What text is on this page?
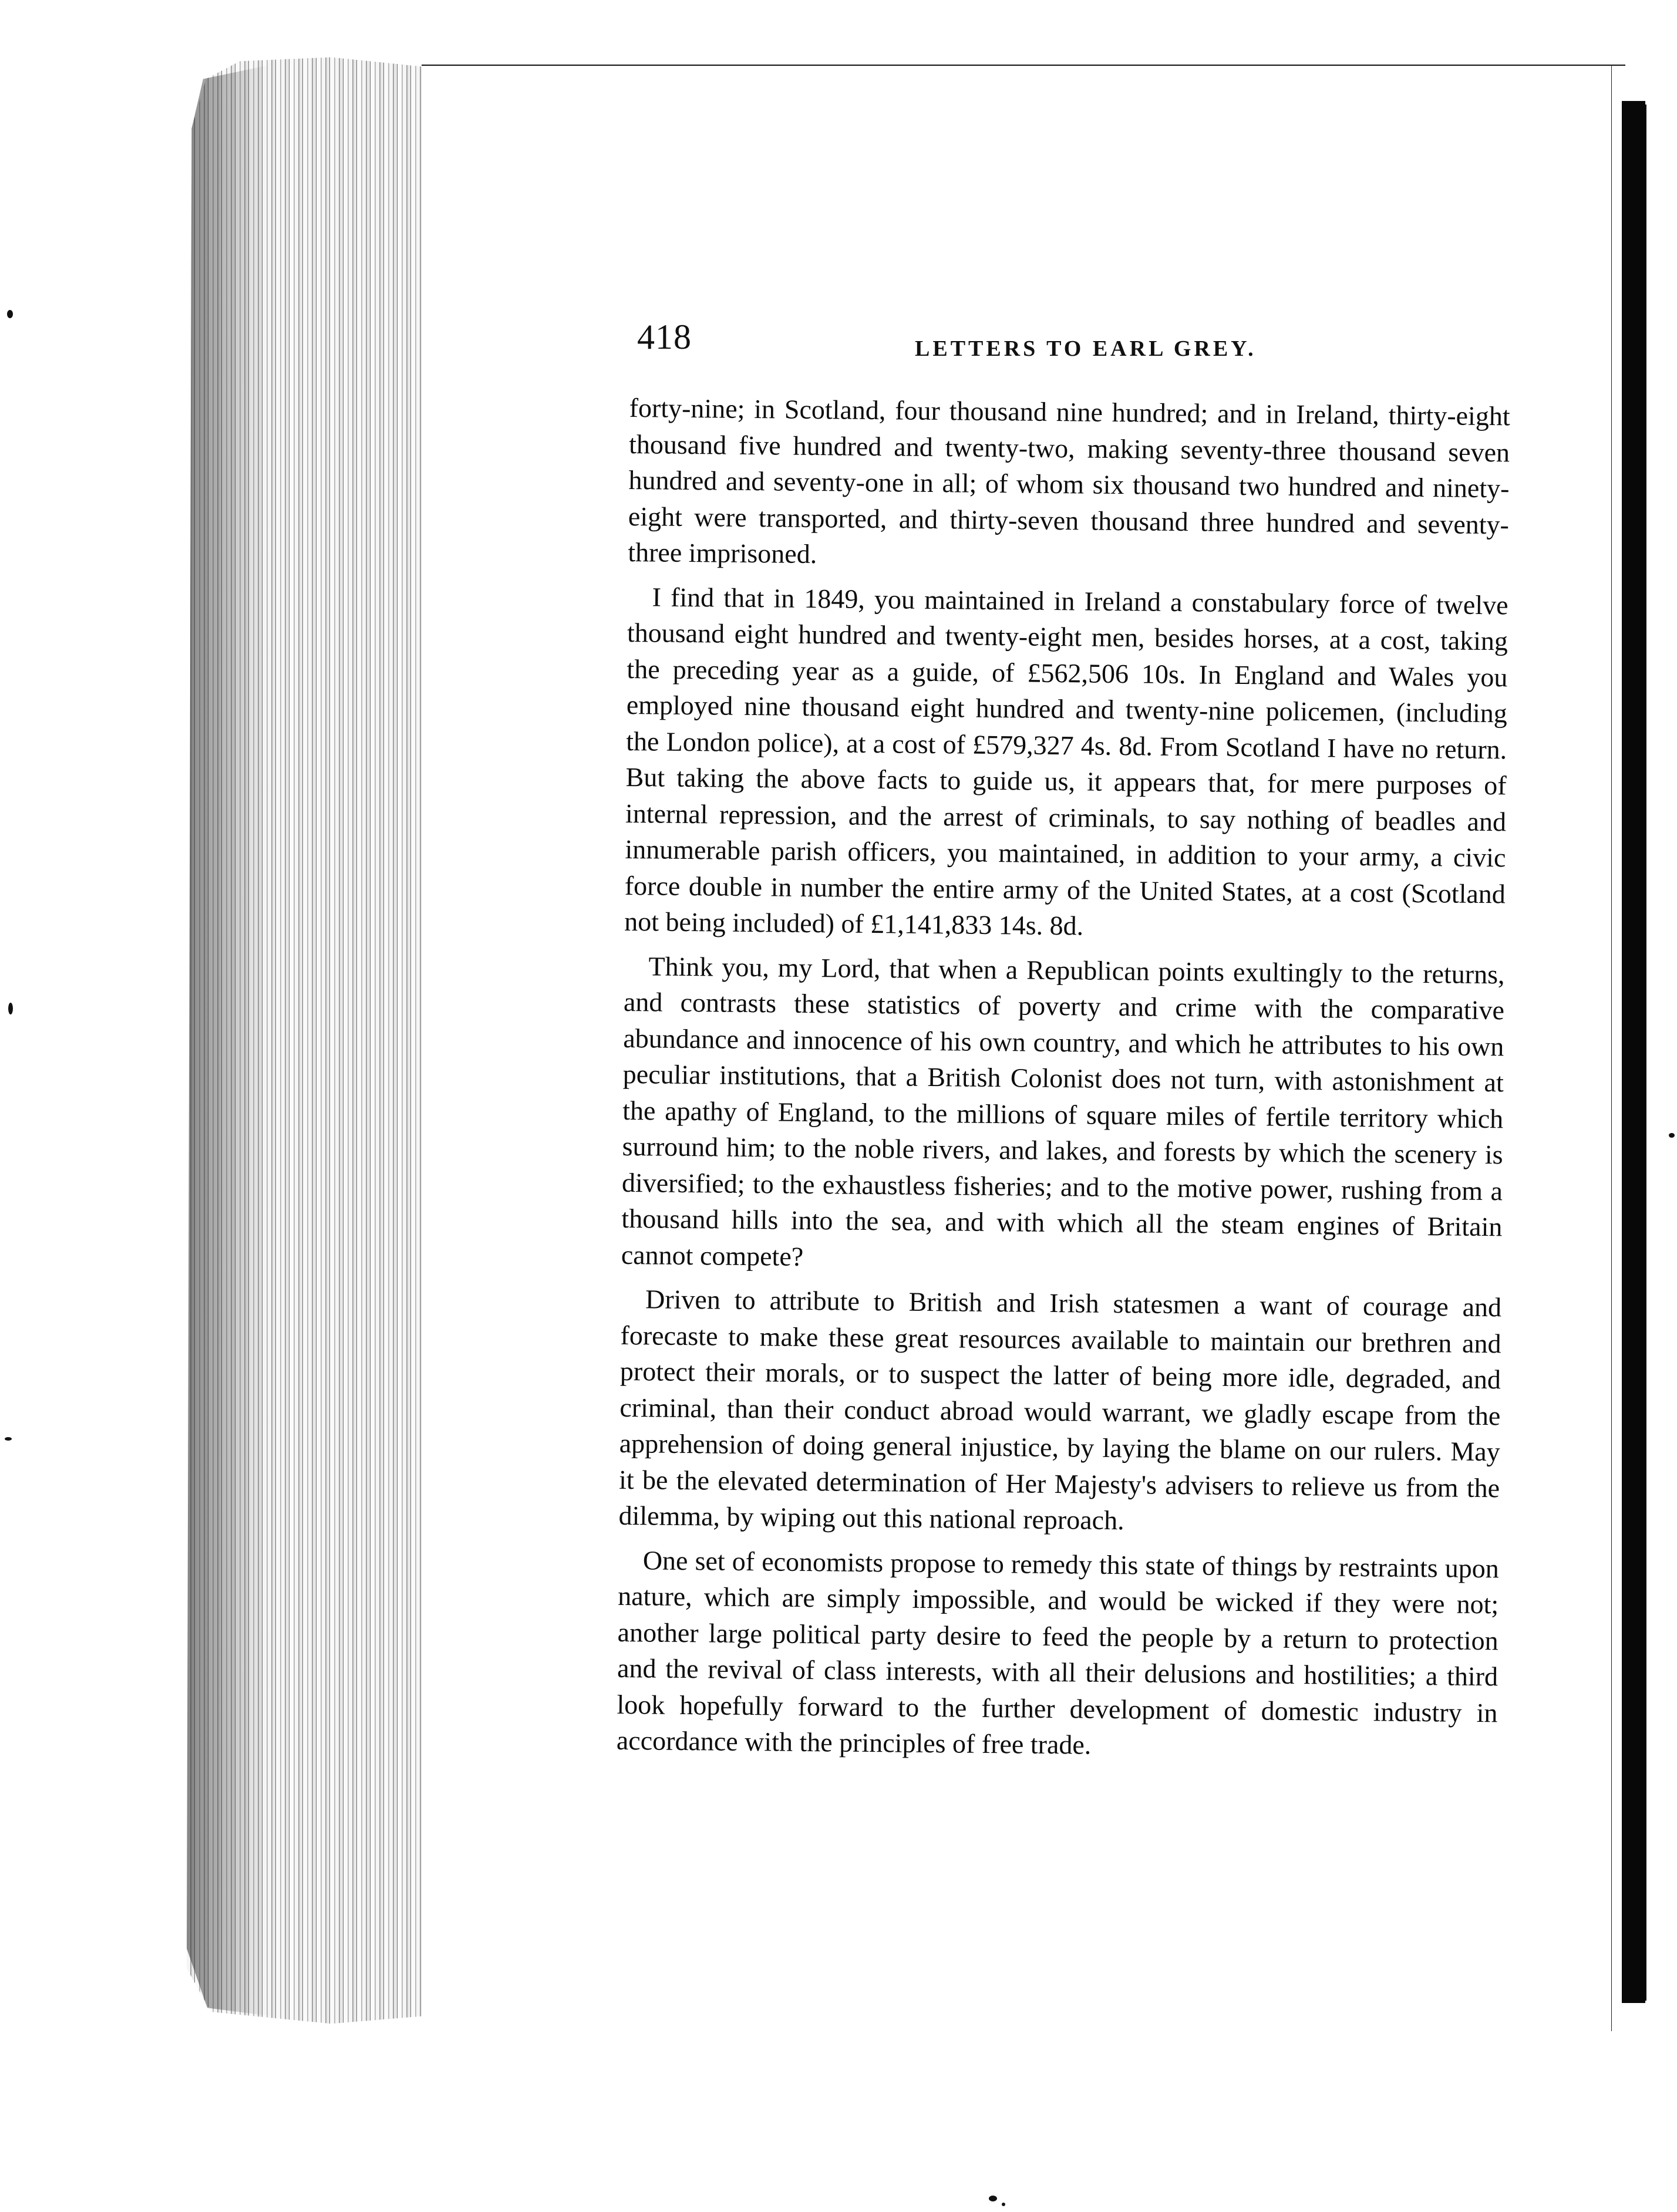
418	LETTERS TO EARL GREY.

forty-nine; in Scotland, four thousand nine hundred; and in Ireland, thirty-eight thousand five hundred and twenty-two, making seventy-three thousand seven hundred and seventy-one in all; of whom six thousand two hundred and ninety-eight were transported, and thirty-seven thousand three hundred and seventy-three imprisoned.

I find that in 1849, you maintained in Ireland a constabulary force of twelve thousand eight hundred and twenty-eight men, besides horses, at a cost, taking the preceding year as a guide, of £562,506 10s. In England and Wales you employed nine thousand eight hundred and twenty-nine policemen, (including the London police), at a cost of £579,327 4s. 8d. From Scotland I have no return. But taking the above facts to guide us, it appears that, for mere purposes of internal repression, and the arrest of criminals, to say nothing of beadles and innumerable parish officers, you maintained, in addition to your army, a civic force double in number the entire army of the United States, at a cost (Scotland not being included) of £1,141,833 14s. 8d.

Think you, my Lord, that when a Republican points exultingly to the returns, and contrasts these statistics of poverty and crime with the comparative abundance and innocence of his own country, and which he attributes to his own peculiar institutions, that a British Colonist does not turn, with astonishment at the apathy of England, to the millions of square miles of fertile territory which surround him; to the noble rivers, and lakes, and forests by which the scenery is diversified; to the exhaustless fisheries; and to the motive power, rushing from a thousand hills into the sea, and with which all the steam engines of Britain cannot compete?

Driven to attribute to British and Irish statesmen a want of courage and forecaste to make these great resources available to maintain our brethren and protect their morals, or to suspect the latter of being more idle, degraded, and criminal, than their conduct abroad would warrant, we gladly escape from the apprehension of doing general injustice, by laying the blame on our rulers. May it be the elevated determination of Her Majesty's advisers to relieve us from the dilemma, by wiping out this national reproach.

One set of economists propose to remedy this state of things by restraints upon nature, which are simply impossible, and would be wicked if they were not; another large political party desire to feed the people by a return to protection and the revival of class interests, with all their delusions and hostilities; a third look hopefully forward to the further development of domestic industry in accordance with the principles of free trade.
